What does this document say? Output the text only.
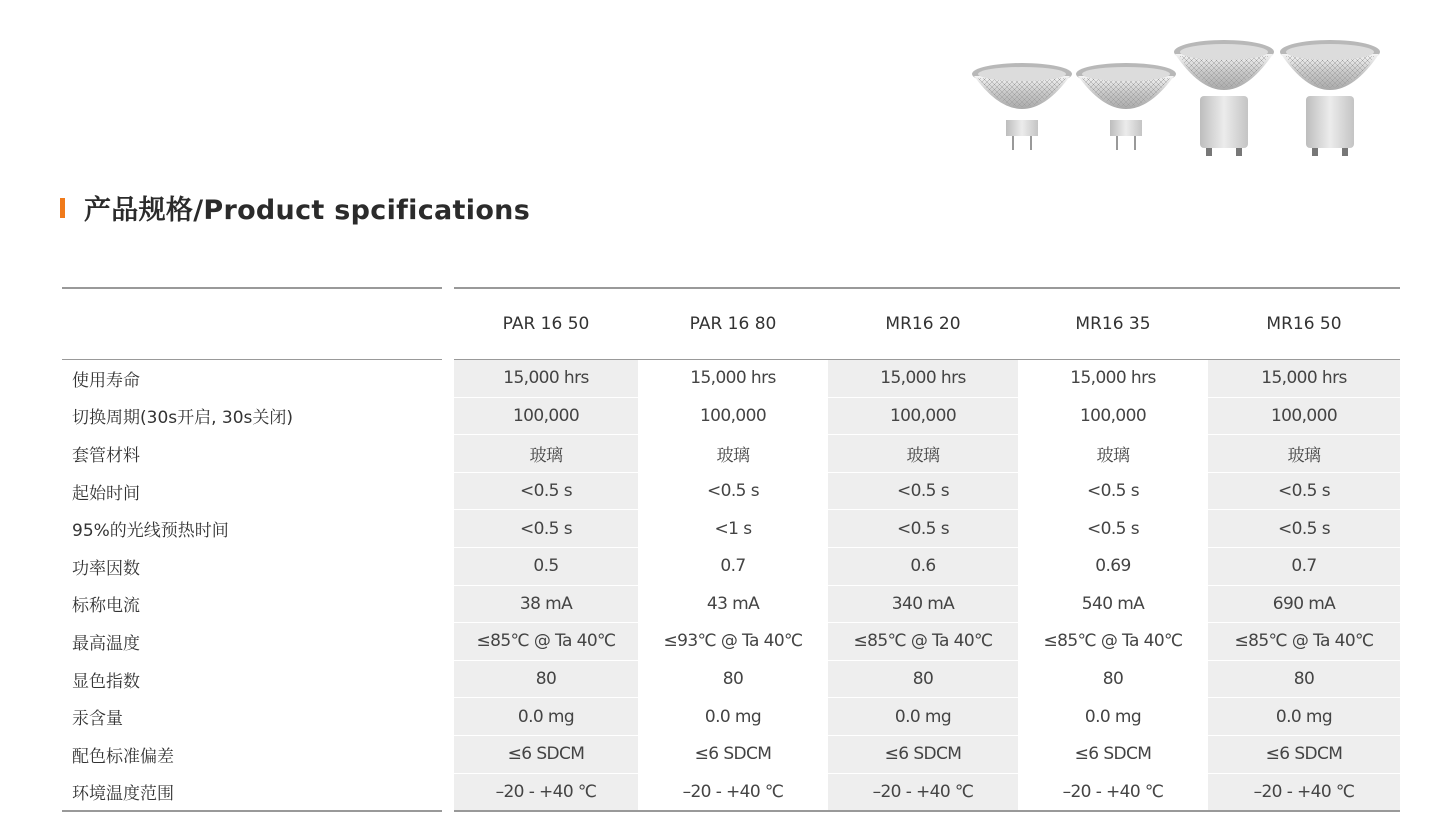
产品规格/Product spcifications
	PAR 16 50	PAR 16 80	MR16 20	MR16 35	MR16 50
使用寿命	15,000 hrs	15,000 hrs	15,000 hrs	15,000 hrs	15,000 hrs
切换周期(30s开启, 30s关闭)	100,000	100,000	100,000	100,000	100,000
套管材料	玻璃	玻璃	玻璃	玻璃	玻璃
起始时间	<0.5 s	<0.5 s	<0.5 s	<0.5 s	<0.5 s
95%的光线预热时间	<0.5 s	<1 s	<0.5 s	<0.5 s	<0.5 s
功率因数	0.5	0.7	0.6	0.69	0.7
标称电流	38 mA	43 mA	340 mA	540 mA	690 mA
最高温度	≤85℃ @ Ta 40℃	≤93℃ @ Ta 40℃	≤85℃ @ Ta 40℃	≤85℃ @ Ta 40℃	≤85℃ @ Ta 40℃
显色指数	80	80	80	80	80
汞含量	0.0 mg	0.0 mg	0.0 mg	0.0 mg	0.0 mg
配色标准偏差	≤6 SDCM	≤6 SDCM	≤6 SDCM	≤6 SDCM	≤6 SDCM
环境温度范围	–20 - +40 ℃	–20 - +40 ℃	–20 - +40 ℃	–20 - +40 ℃	–20 - +40 ℃
